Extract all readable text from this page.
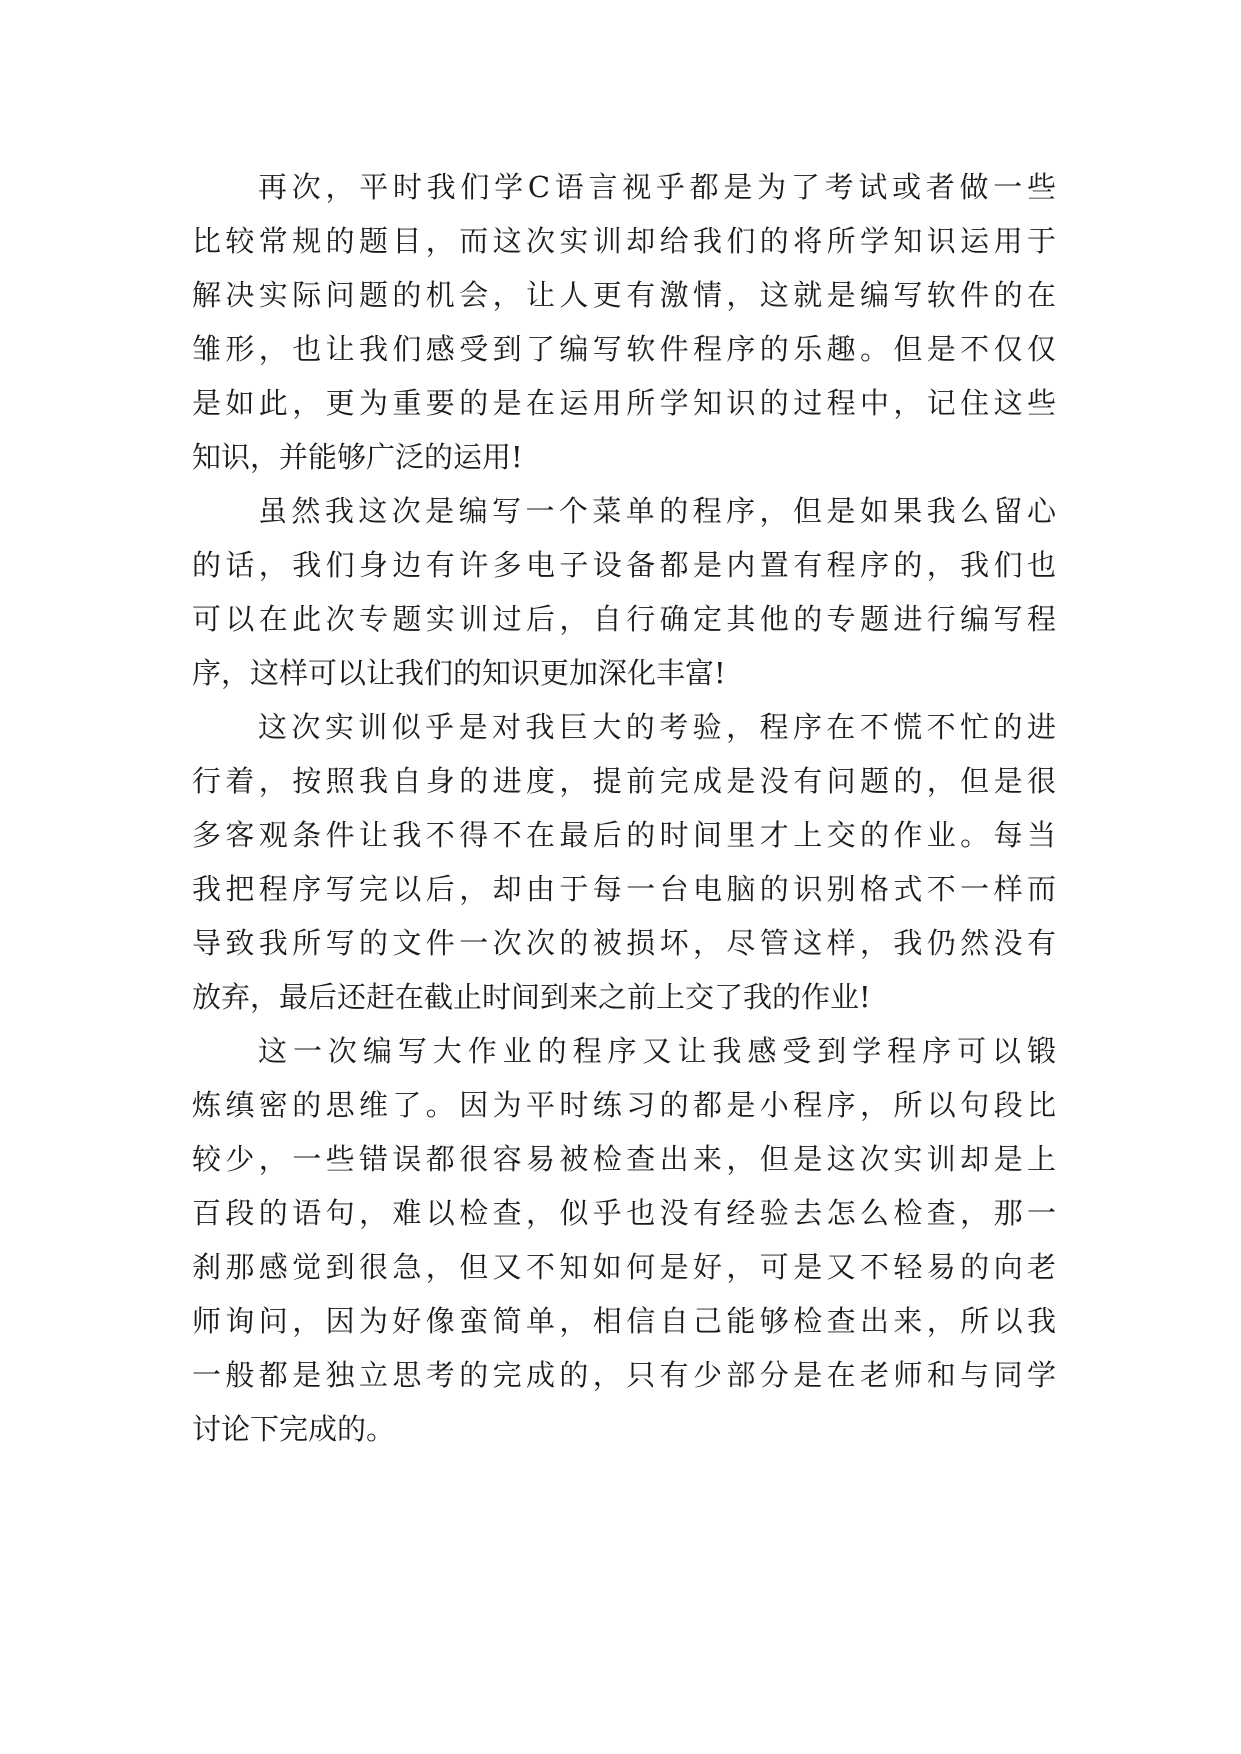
再次，平时我们学C语言视乎都是为了考试或者做一些
比较常规的题目，而这次实训却给我们的将所学知识运用于
解决实际问题的机会，让人更有激情，这就是编写软件的在
雏形，也让我们感受到了编写软件程序的乐趣。但是不仅仅
是如此，更为重要的是在运用所学知识的过程中，记住这些
知识，并能够广泛的运用!
虽然我这次是编写一个菜单的程序，但是如果我么留心
的话，我们身边有许多电子设备都是内置有程序的，我们也
可以在此次专题实训过后，自行确定其他的专题进行编写程
序，这样可以让我们的知识更加深化丰富!
这次实训似乎是对我巨大的考验，程序在不慌不忙的进
行着，按照我自身的进度，提前完成是没有问题的，但是很
多客观条件让我不得不在最后的时间里才上交的作业。每当
我把程序写完以后，却由于每一台电脑的识别格式不一样而
导致我所写的文件一次次的被损坏，尽管这样，我仍然没有
放弃，最后还赶在截止时间到来之前上交了我的作业!
这一次编写大作业的程序又让我感受到学程序可以锻
炼缜密的思维了。因为平时练习的都是小程序，所以句段比
较少，一些错误都很容易被检查出来，但是这次实训却是上
百段的语句，难以检查，似乎也没有经验去怎么检查，那一
刹那感觉到很急，但又不知如何是好，可是又不轻易的向老
师询问，因为好像蛮简单，相信自己能够检查出来，所以我
一般都是独立思考的完成的，只有少部分是在老师和与同学
讨论下完成的。
